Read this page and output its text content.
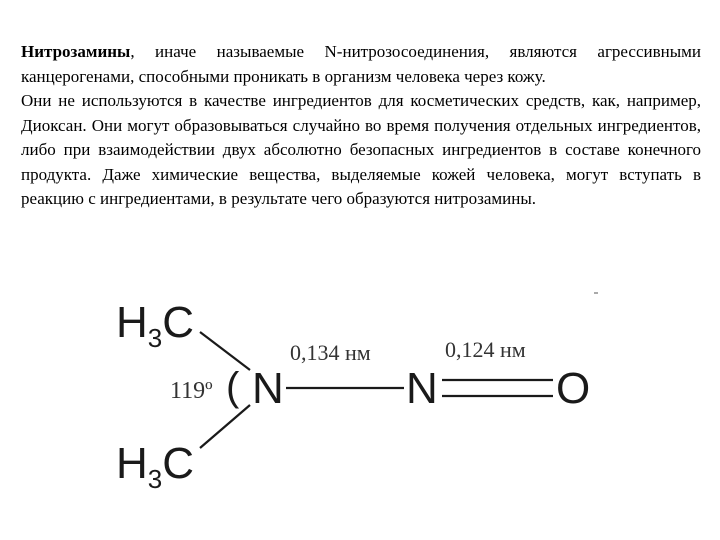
Нитрозамины, иначе называемые N-нитрозосоединения, являются агрессивными канцерогенами, способными проникать в организм человека через кожу.

Они не используются в качестве ингредиентов для косметических средств, как, например, Диоксан. Они могут образовываться случайно во время получения отдельных ингредиентов, либо при взаимодействии двух абсолютно безопасных ингредиентов в составе конечного продукта. Даже химические вещества, выделяемые кожей человека, могут вступать в реакцию с ингредиентами, в результате чего образуются нитрозамины.

H3C
H3C
119º ( N
0,134 нм
N
0,124 нм
O
